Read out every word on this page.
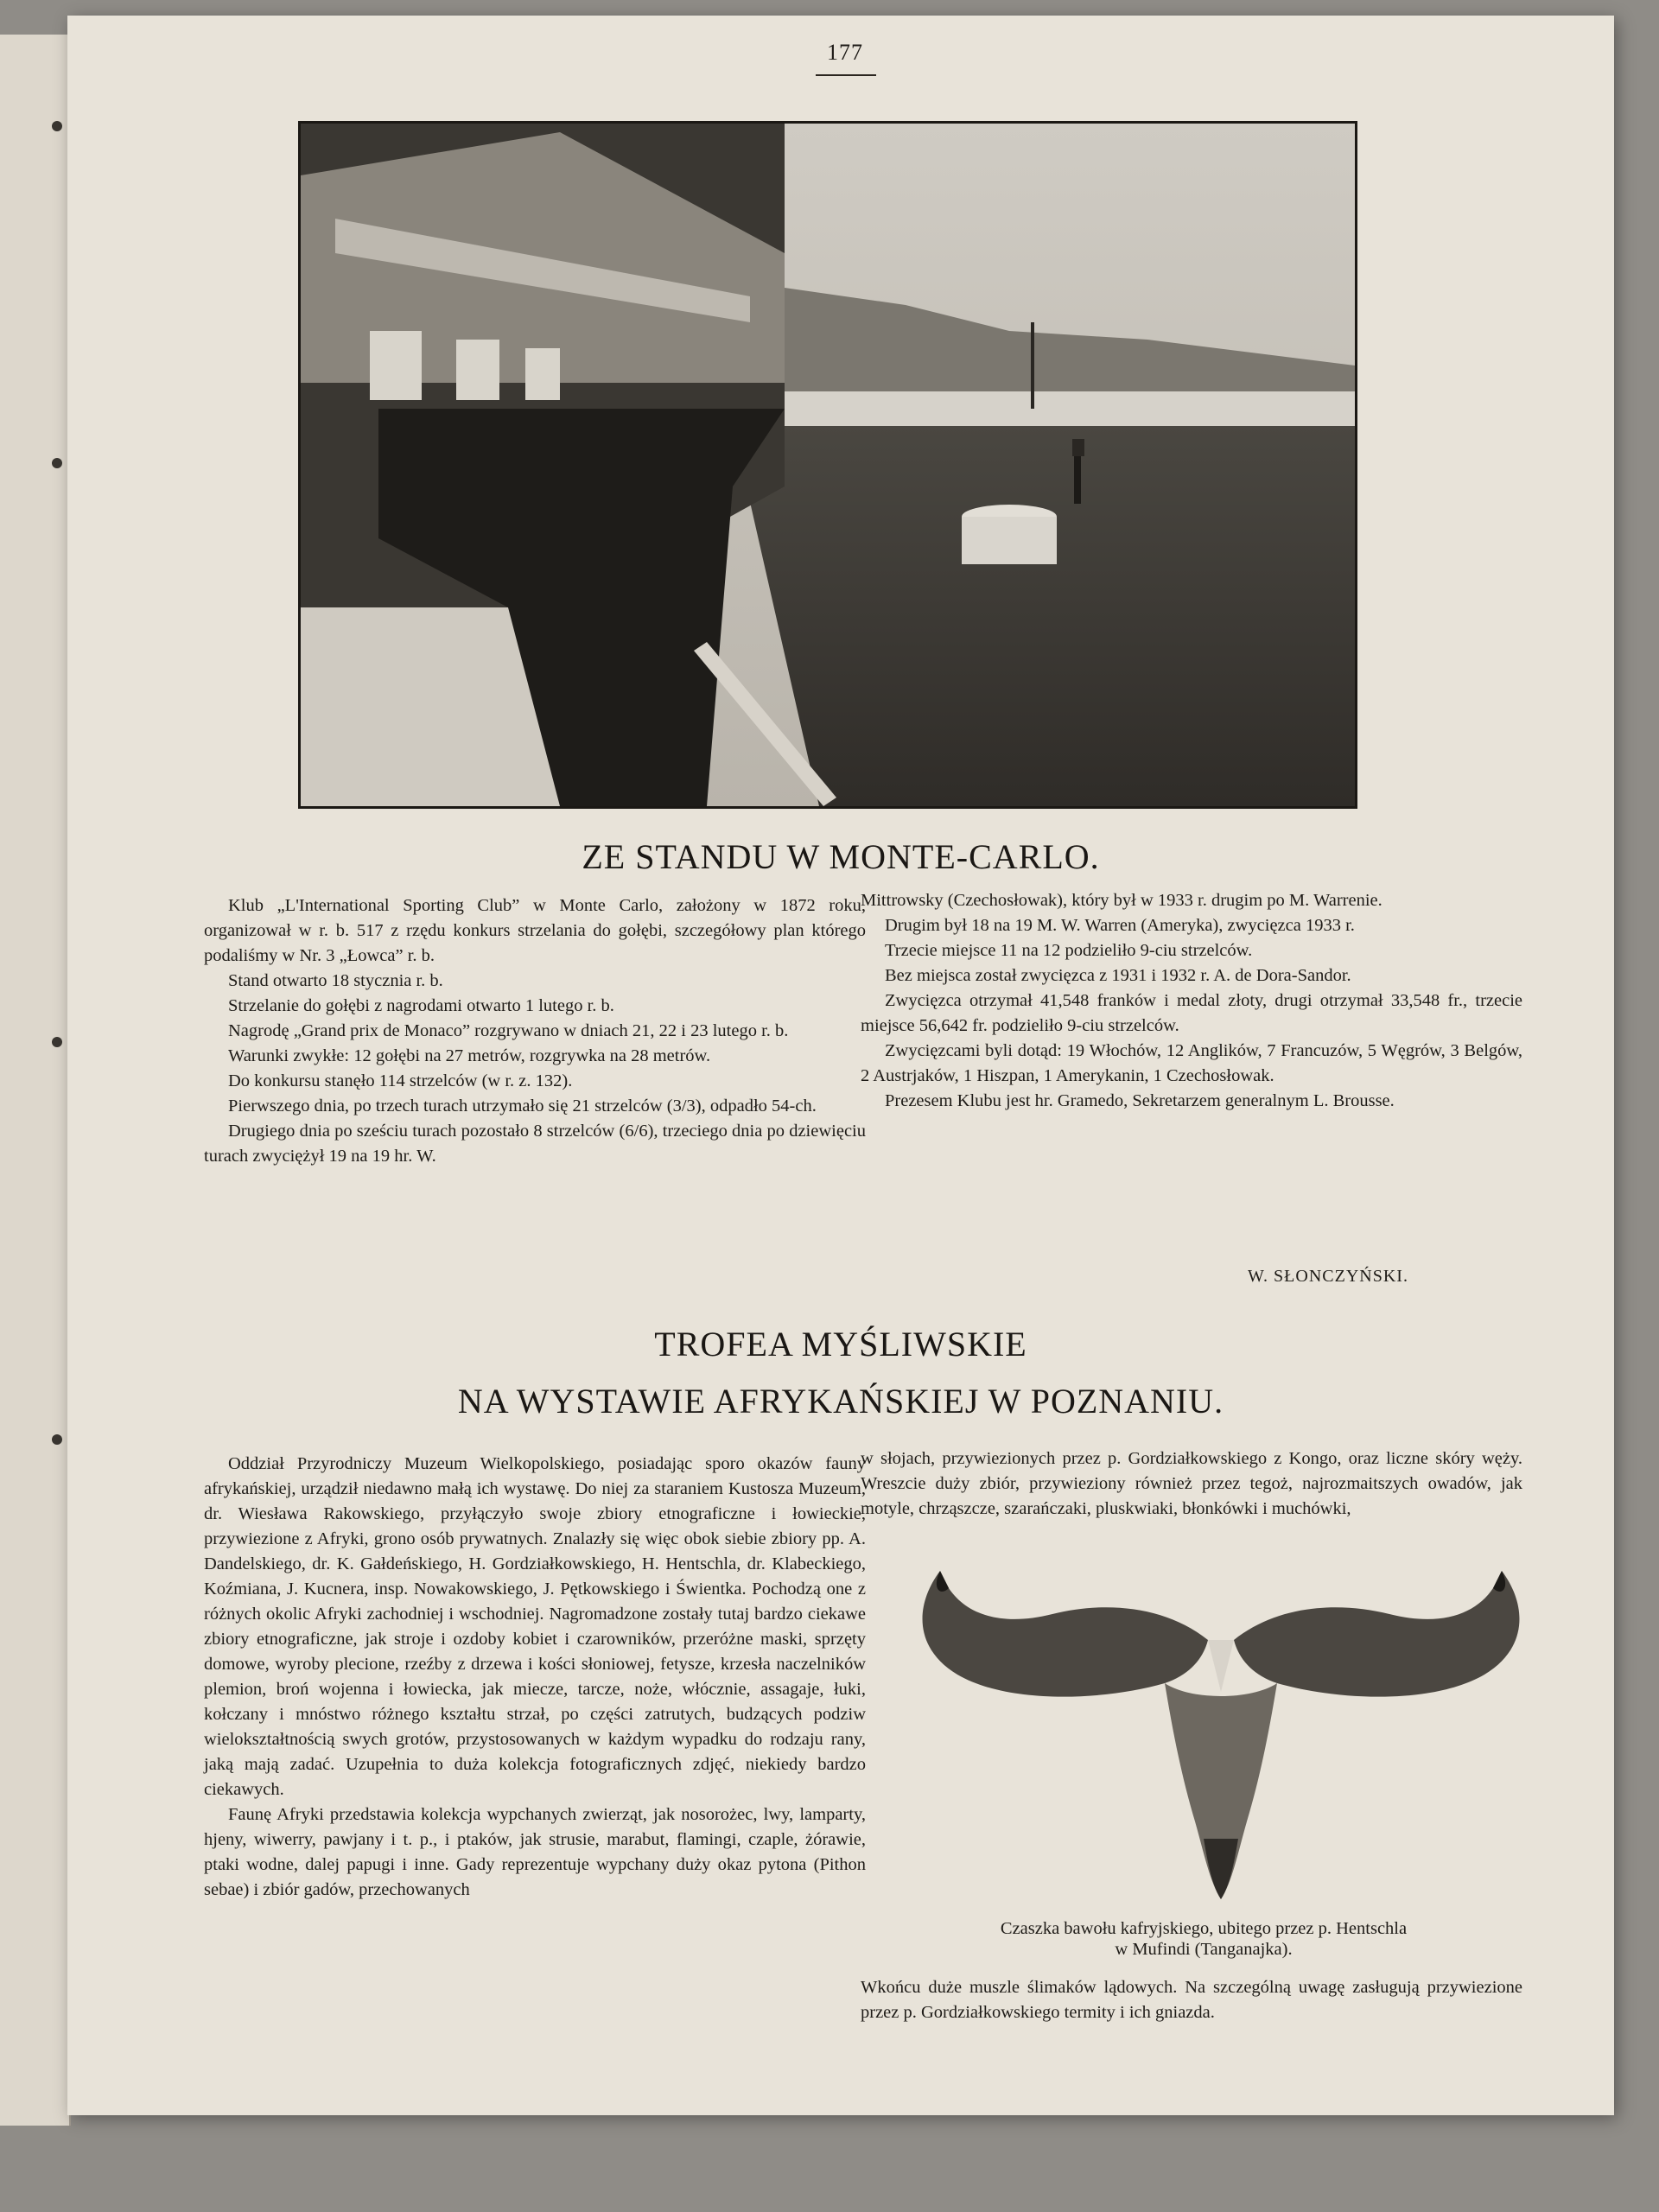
177
ZE STANDU W MONTE-CARLO.

Klub „L'International Sporting Club” w Monte Carlo, założony w 1872 roku, organizował w r. b. 517 z rzędu konkurs strzelania do gołębi, szczegółowy plan którego podaliśmy w Nr. 3 „Łowca” r. b.

Stand otwarto 18 stycznia r. b.

Strzelanie do gołębi z nagrodami otwarto 1 lutego r. b.

Nagrodę „Grand prix de Monaco” rozgrywano w dniach 21, 22 i 23 lutego r. b.

Warunki zwykłe: 12 gołębi na 27 metrów, rozgrywka na 28 metrów.

Do konkursu stanęło 114 strzelców (w r. z. 132).

Pierwszego dnia, po trzech turach utrzymało się 21 strzelców (3/3), odpadło 54-ch.

Drugiego dnia po sześciu turach pozostało 8 strzelców (6/6), trzeciego dnia po dziewięciu turach zwyciężył 19 na 19 hr. W.

Mittrowsky (Czechosłowak), który był w 1933 r. drugim po M. Warrenie.

Drugim był 18 na 19 M. W. Warren (Ameryka), zwycięzca 1933 r.

Trzecie miejsce 11 na 12 podzieliło 9-ciu strzelców.

Bez miejsca został zwycięzca z 1931 i 1932 r. A. de Dora-Sandor.

Zwycięzca otrzymał 41,548 franków i medal złoty, drugi otrzymał 33,548 fr., trzecie miejsce 56,642 fr. podzieliło 9-ciu strzelców.

Zwycięzcami byli dotąd: 19 Włochów, 12 Anglików, 7 Francuzów, 5 Węgrów, 3 Belgów, 2 Austrjaków, 1 Hiszpan, 1 Amerykanin, 1 Czechosłowak.

Prezesem Klubu jest hr. Gramedo, Sekretarzem generalnym L. Brousse.

W. SŁONCZYŃSKI.
TROFEA MYŚLIWSKIE
NA WYSTAWIE AFRYKAŃSKIEJ W POZNANIU.

Oddział Przyrodniczy Muzeum Wielkopolskiego, posiadając sporo okazów fauny afrykańskiej, urządził niedawno małą ich wystawę. Do niej za staraniem Kustosza Muzeum, dr. Wiesława Rakowskiego, przyłączyło swoje zbiory etnograficzne i łowieckie, przywiezione z Afryki, grono osób prywatnych. Znalazły się więc obok siebie zbiory pp. A. Dandelskiego, dr. K. Gałdeńskiego, H. Gordziałkowskiego, H. Hentschla, dr. Klabeckiego, Koźmiana, J. Kucnera, insp. Nowakowskiego, J. Pętkowskiego i Świentka. Pochodzą one z różnych okolic Afryki zachodniej i wschodniej. Nagromadzone zostały tutaj bardzo ciekawe zbiory etnograficzne, jak stroje i ozdoby kobiet i czarowników, przeróżne maski, sprzęty domowe, wyroby plecione, rzeźby z drzewa i kości słoniowej, fetysze, krzesła naczelników plemion, broń wojenna i łowiecka, jak miecze, tarcze, noże, włócznie, assagaje, łuki, kołczany i mnóstwo różnego kształtu strzał, po części zatrutych, budzących podziw wielokształtnością swych grotów, przystosowanych w każdym wypadku do rodzaju rany, jaką mają zadać. Uzupełnia to duża kolekcja fotograficznych zdjęć, niekiedy bardzo ciekawych.

Faunę Afryki przedstawia kolekcja wypchanych zwierząt, jak nosorożec, lwy, lamparty, hjeny, wiwerry, pawjany i t. p., i ptaków, jak strusie, marabut, flamingi, czaple, żórawie, ptaki wodne, dalej papugi i inne. Gady reprezentuje wypchany duży okaz pytona (Pithon sebae) i zbiór gadów, przechowanych

w słojach, przywiezionych przez p. Gordziałkowskiego z Kongo, oraz liczne skóry węży. Wreszcie duży zbiór, przywieziony również przez tegoż, najrozmaitszych owadów, jak motyle, chrząszcze, szarańczaki, pluskwiaki, błonkówki i muchówki,

Czaszka bawołu kafryjskiego, ubitego przez p. Hentschla
w Mufindi (Tanganajka).

Wkońcu duże muszle ślimaków lądowych. Na szczególną uwagę zasługują przywiezione przez p. Gordziałkowskiego termity i ich gniazda.
